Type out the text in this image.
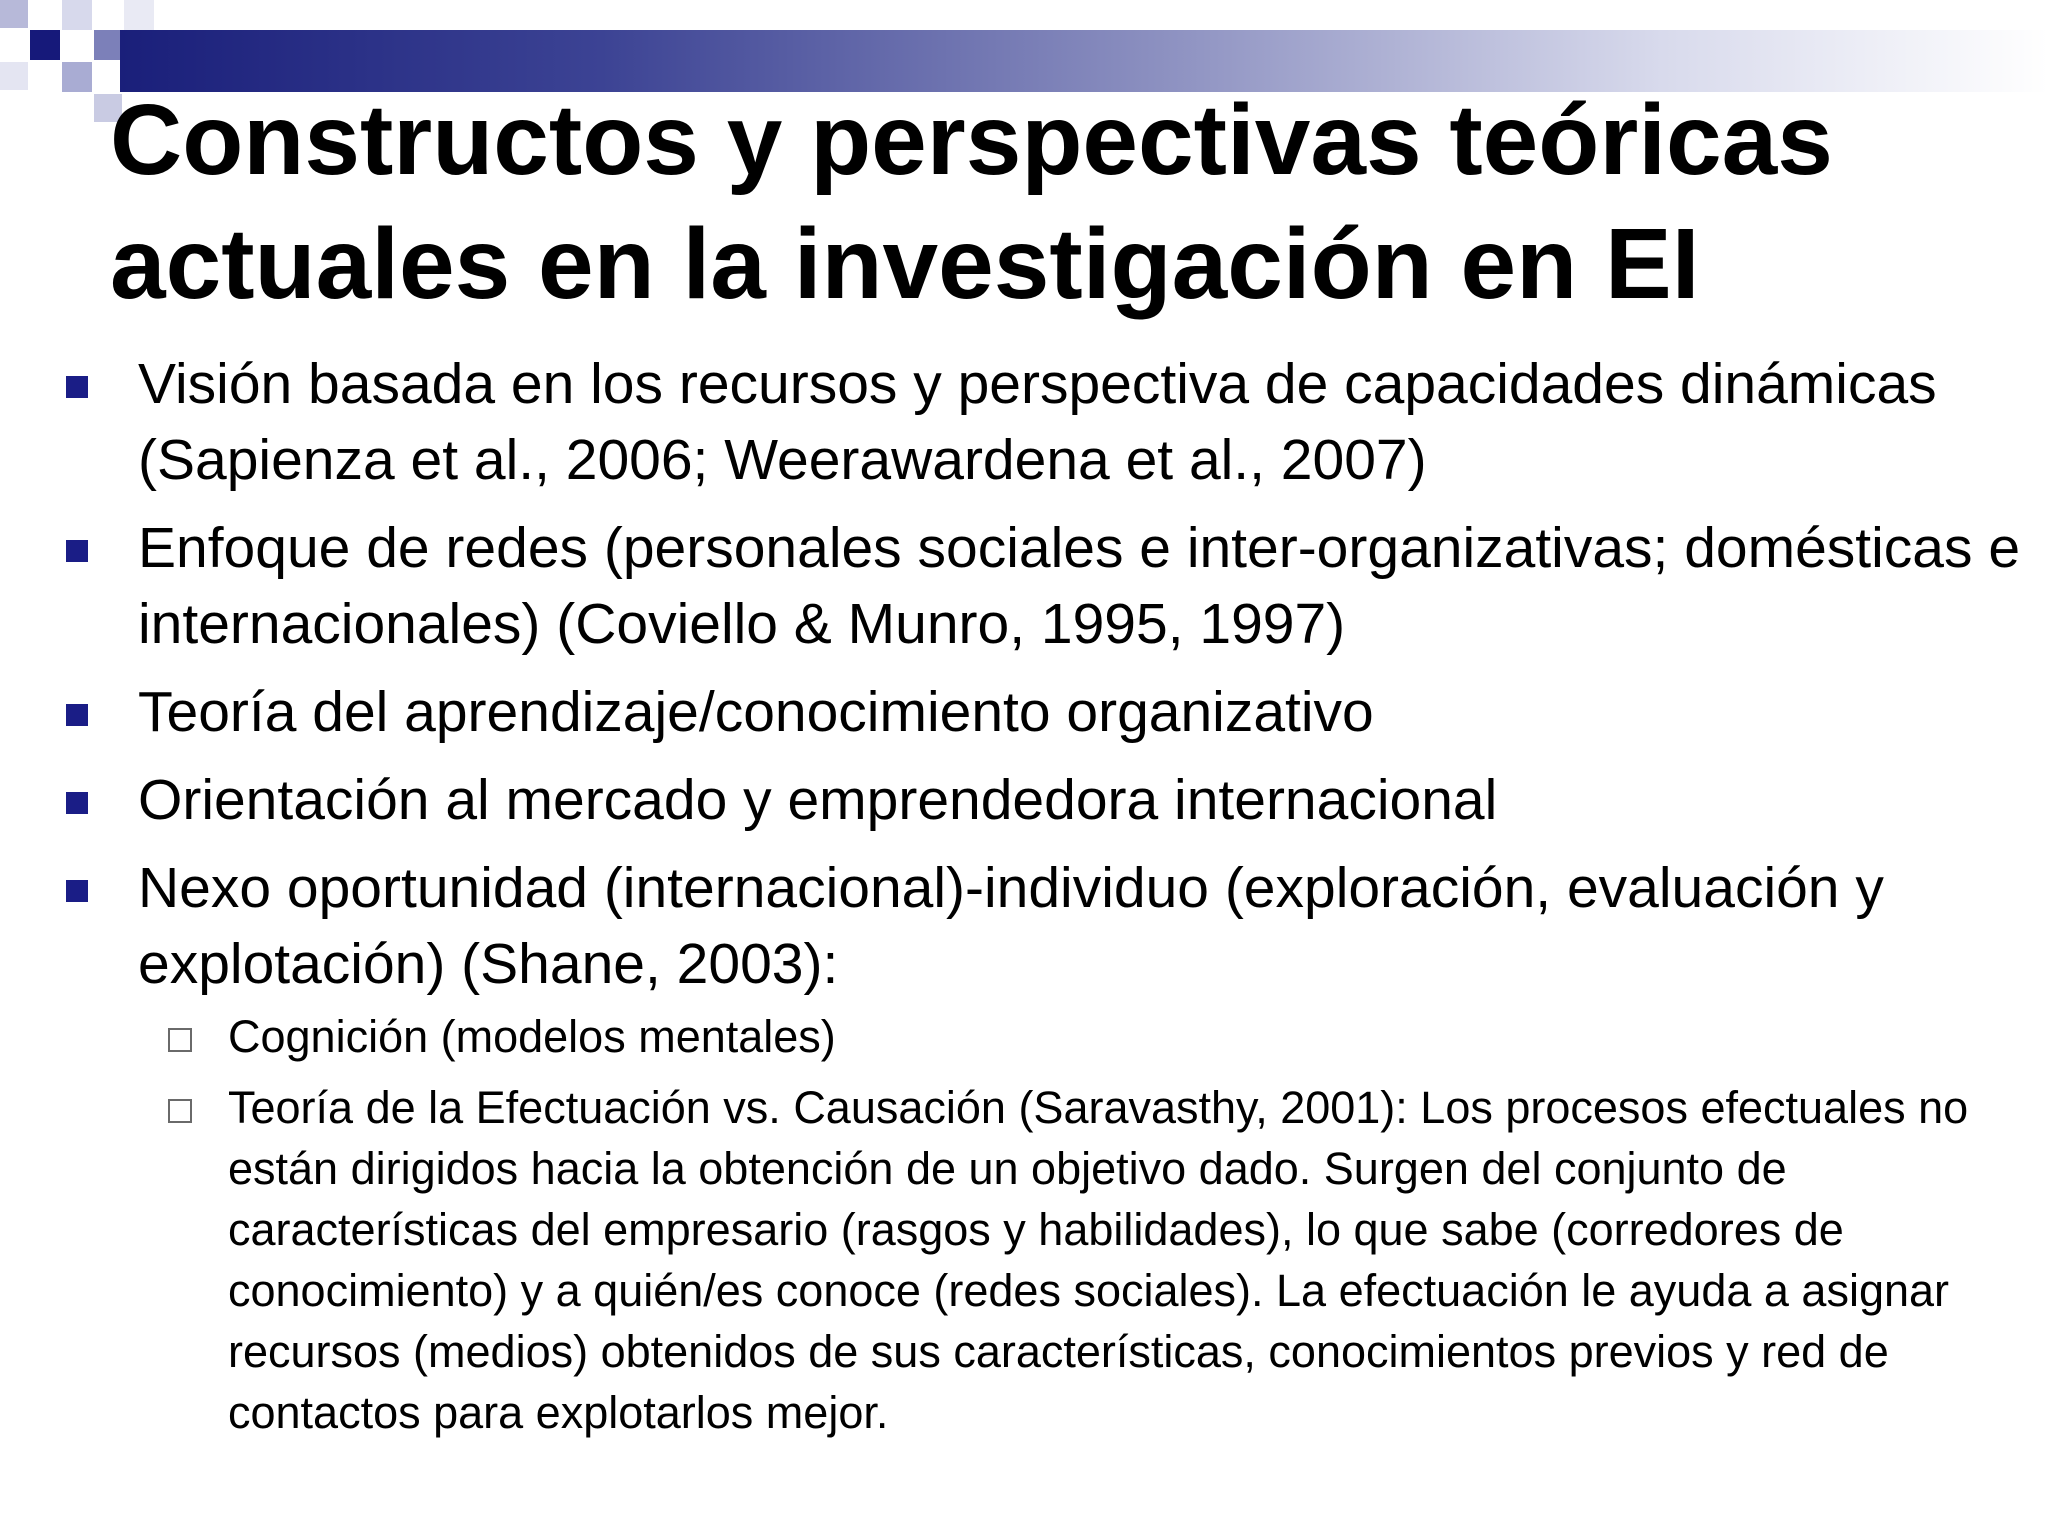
Constructos y perspectivas teóricas actuales en la investigación en EI
Visión basada en los recursos y perspectiva de capacidades dinámicas (Sapienza et al., 2006; Weerawardena et al., 2007)
Enfoque de redes (personales sociales e inter-organizativas; domésticas e internacionales) (Coviello & Munro, 1995, 1997)
Teoría del aprendizaje/conocimiento organizativo
Orientación al mercado y emprendedora internacional
Nexo oportunidad (internacional)-individuo (exploración, evaluación y explotación) (Shane, 2003):
Cognición (modelos mentales)
Teoría de la Efectuación vs. Causación (Saravasthy, 2001): Los procesos efectuales no están dirigidos hacia la obtención de un objetivo dado. Surgen del conjunto de características del empresario (rasgos y habilidades), lo que sabe (corredores de conocimiento) y a quién/es conoce (redes sociales). La efectuación le ayuda a asignar recursos (medios) obtenidos de sus características, conocimientos previos y red de contactos para explotarlos mejor.
